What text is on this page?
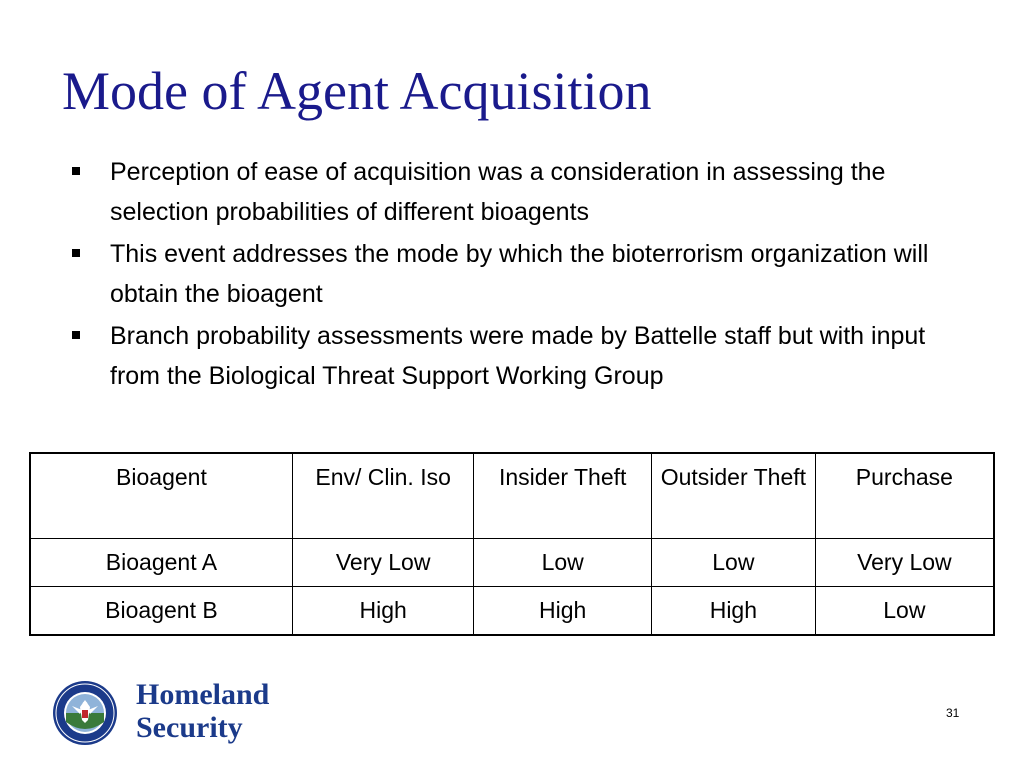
Mode of Agent Acquisition
Perception of ease of acquisition was a consideration in assessing the selection probabilities of different bioagents
This event addresses the mode by which the bioterrorism organization will obtain the bioagent
Branch probability assessments were made by Battelle staff but with input from the Biological Threat Support Working Group
Bioagent	Env/ Clin. Iso	Insider Theft	Outsider Theft	Purchase
Bioagent A	Very Low	Low	Low	Very Low
Bioagent B	High	High	High	Low
Homeland
Security	31
